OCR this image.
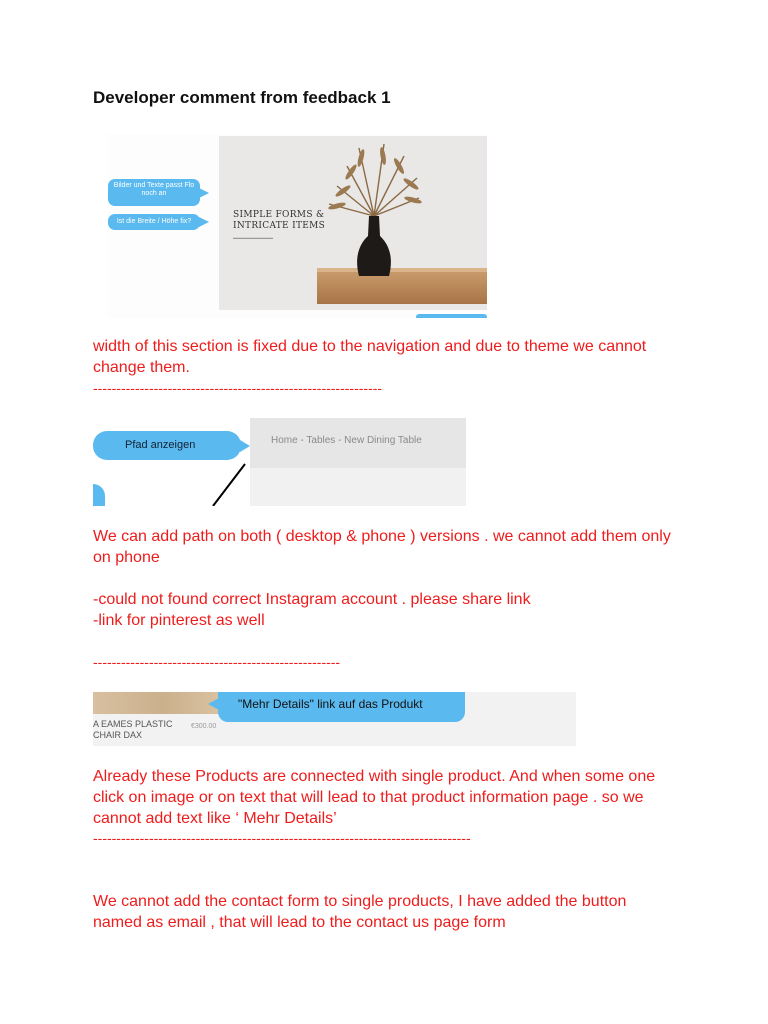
Developer comment from feedback 1
Bilder und Texte passt Flo noch an
Ist die Breite / Höhe fix?
SIMPLE FORMS &
INTRICATE ITEMS
▬▬▬▬▬▬▬▬▬▬
width of this section is fixed due to the navigation and due to theme we cannot change them.
--------------------------------------------------------------
Home - Tables - New Dining Table
Pfad anzeigen
We can add path on both ( desktop & phone ) versions . we cannot add them only on phone
-could not found correct Instagram account . please share link
-link for pinterest as well
-----------------------------------------------------
A EAMES PLASTIC
CHAIR DAX
€300.00
"Mehr Details" link auf das Produkt
Already these Products are connected with single product. And when some one click on image or on text that will lead to that product information page . so we cannot add text like ‘ Mehr Details’
---------------------------------------------------------------------------------
We cannot add the contact form to single products, I have added the button named as email , that will lead to the contact us page form
